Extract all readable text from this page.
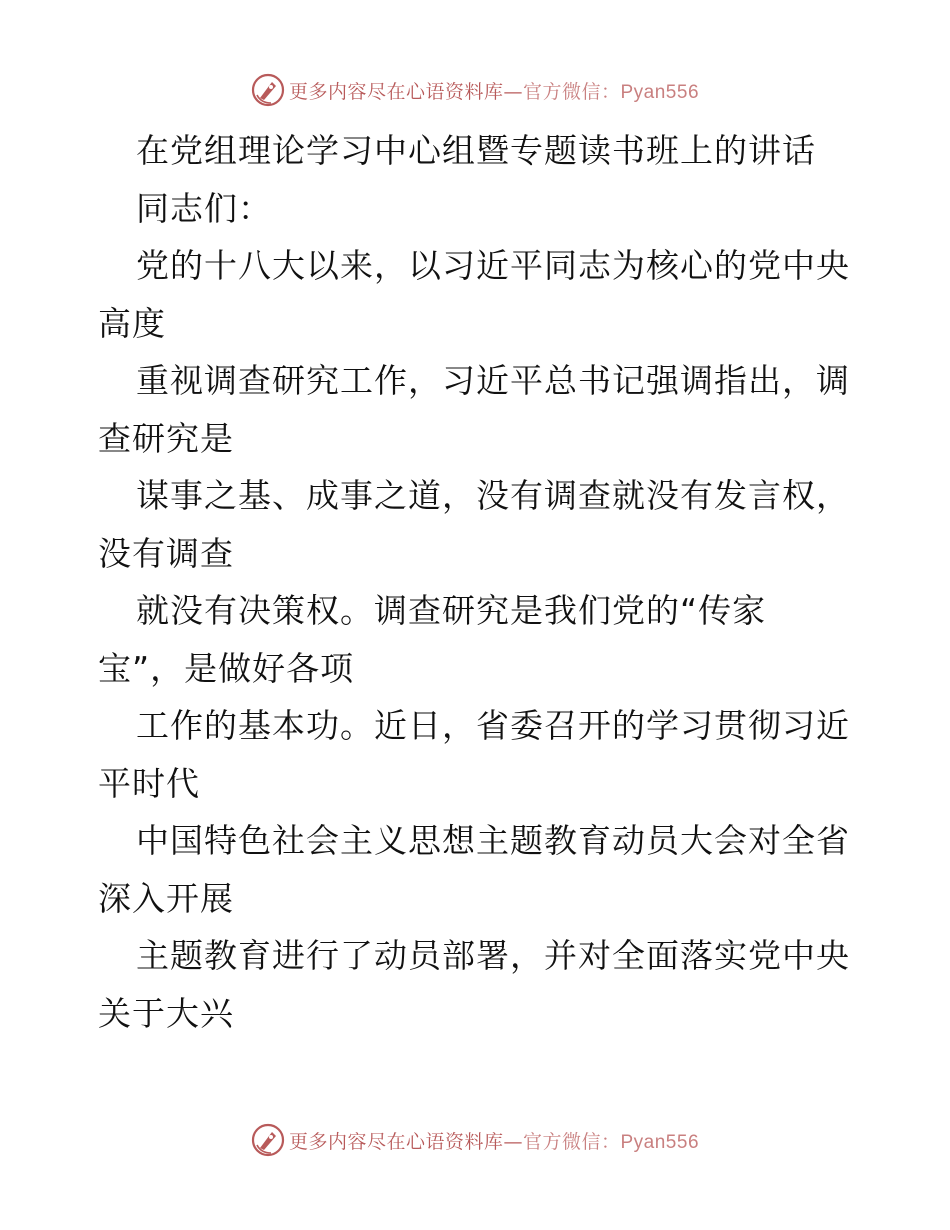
更多内容尽在心语资料库—官方微信：Pyan556
在党组理论学习中心组暨专题读书班上的讲话
同志们：
党的十八大以来，以习近平同志为核心的党中央
高度
重视调查研究工作，习近平总书记强调指出，调
查研究是
谋事之基、成事之道，没有调查就没有发言权，
没有调查
就没有决策权。调查研究是我们党的“传家
宝”，是做好各项
工作的基本功。近日，省委召开的学习贯彻习近
平时代
中国特色社会主义思想主题教育动员大会对全省
深入开展
主题教育进行了动员部署，并对全面落实党中央
关于大兴
更多内容尽在心语资料库—官方微信：Pyan556
